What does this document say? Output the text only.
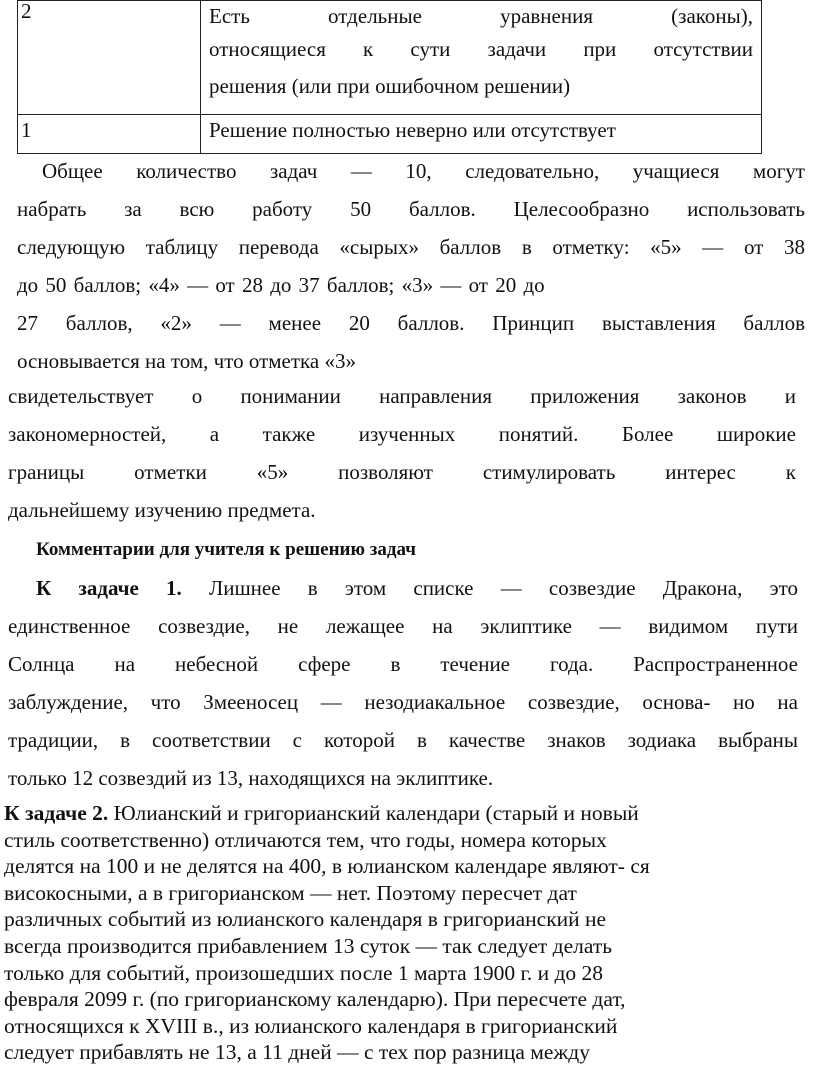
2	Есть отдельные уравнения (законы),
относящиеся к сути задачи при отсутствии
решения (или при ошибочном решении)

1	Решение полностью неверно или отсутствует
Общее количество задач — 10, следовательно, учащиеся могут
набрать за всю работу 50 баллов. Целесообразно использовать
следующую таблицу перевода «сырых» баллов в отметку: «5» — от 38
до 50 баллов; «4» — от 28 до 37 баллов; «3» — от 20 до
27 баллов, «2» — менее 20 баллов. Принцип выставления баллов
основывается на том, что отметка «3»
свидетельствует о понимании направления приложения законов и
закономерностей, а также изученных понятий. Более широкие
границы отметки «5» позволяют стимулировать интерес к
дальнейшему изучению предмета.
Комментарии для учителя к решению задач
К задаче 1. Лишнее в этом списке — созвездие Дракона, это
единственное созвездие, не лежащее на эклиптике — видимом пути
Солнца на небесной сфере в течение года. Распространенное
заблуждение, что Змееносец — незодиакальное созвездие, основа- но на
традиции, в соответствии с которой в качестве знаков зодиака выбраны
только 12 созвездий из 13, находящихся на эклиптике.
К задаче 2. Юлианский и григорианский календари (старый и новый
стиль соответственно) отличаются тем, что годы, номера которых
делятся на 100 и не делятся на 400, в юлианском календаре являют- ся
високосными, а в григорианском — нет. Поэтому пересчет дат
различных событий из юлианского календаря в григорианский не
всегда производится прибавлением 13 суток — так следует делать
только для событий, произошедших после 1 марта 1900 г. и до 28
февраля 2099 г. (по григорианскому календарю). При пересчете дат,
относящихся к XVIII в., из юлианского календаря в григорианский
следует прибавлять не 13, а 11 дней — с тех пор разница между
